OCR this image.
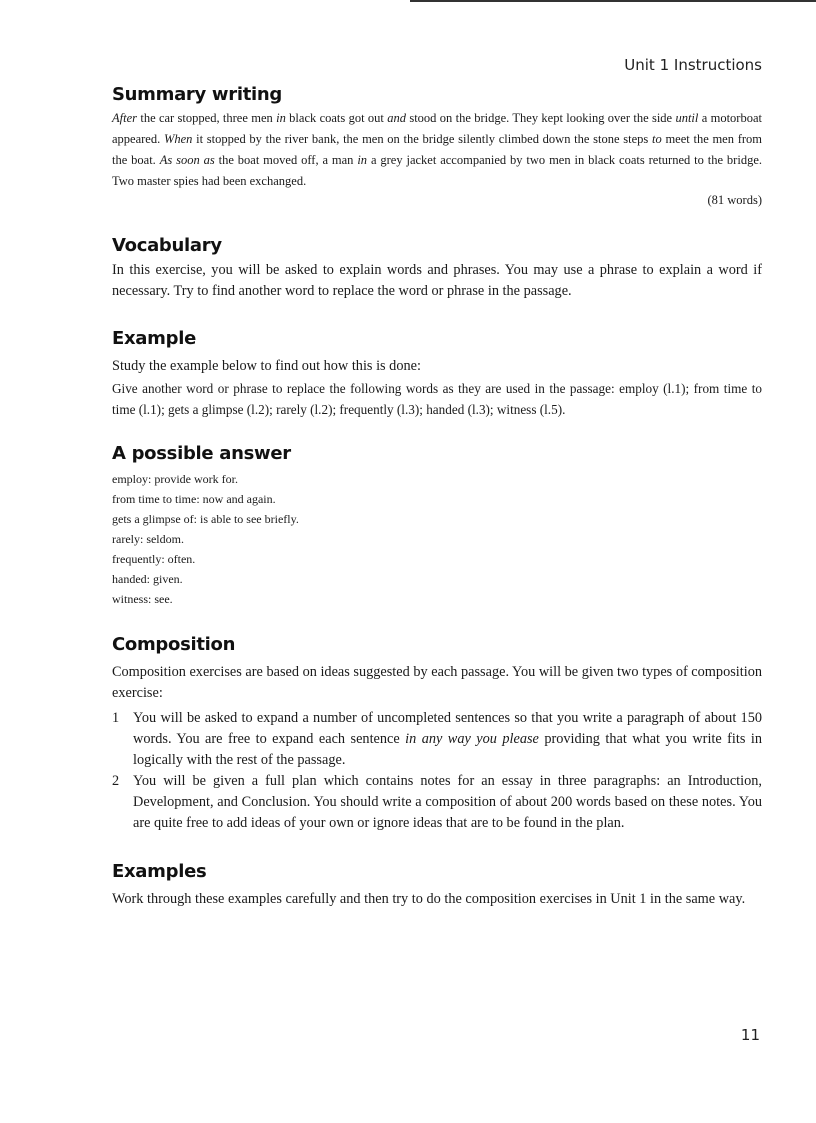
Unit 1 Instructions
Summary writing
After the car stopped, three men in black coats got out and stood on the bridge. They kept looking over the side until a motorboat appeared. When it stopped by the river bank, the men on the bridge silently climbed down the stone steps to meet the men from the boat. As soon as the boat moved off, a man in a grey jacket accompanied by two men in black coats returned to the bridge. Two master spies had been exchanged.
(81 words)
Vocabulary
In this exercise, you will be asked to explain words and phrases. You may use a phrase to explain a word if necessary. Try to find another word to replace the word or phrase in the passage.
Example
Study the example below to find out how this is done:
Give another word or phrase to replace the following words as they are used in the passage: employ (l.1); from time to time (l.1); gets a glimpse (l.2); rarely (l.2); frequently (l.3); handed (l.3); witness (l.5).
A possible answer
employ: provide work for.
from time to time: now and again.
gets a glimpse of: is able to see briefly.
rarely: seldom.
frequently: often.
handed: given.
witness: see.
Composition
Composition exercises are based on ideas suggested by each passage. You will be given two types of composition exercise:
1 You will be asked to expand a number of uncompleted sentences so that you write a paragraph of about 150 words. You are free to expand each sentence in any way you please providing that what you write fits in logically with the rest of the passage.
2 You will be given a full plan which contains notes for an essay in three paragraphs: an Introduction, Development, and Conclusion. You should write a composition of about 200 words based on these notes. You are quite free to add ideas of your own or ignore ideas that are to be found in the plan.
Examples
Work through these examples carefully and then try to do the composition exercises in Unit 1 in the same way.
11
